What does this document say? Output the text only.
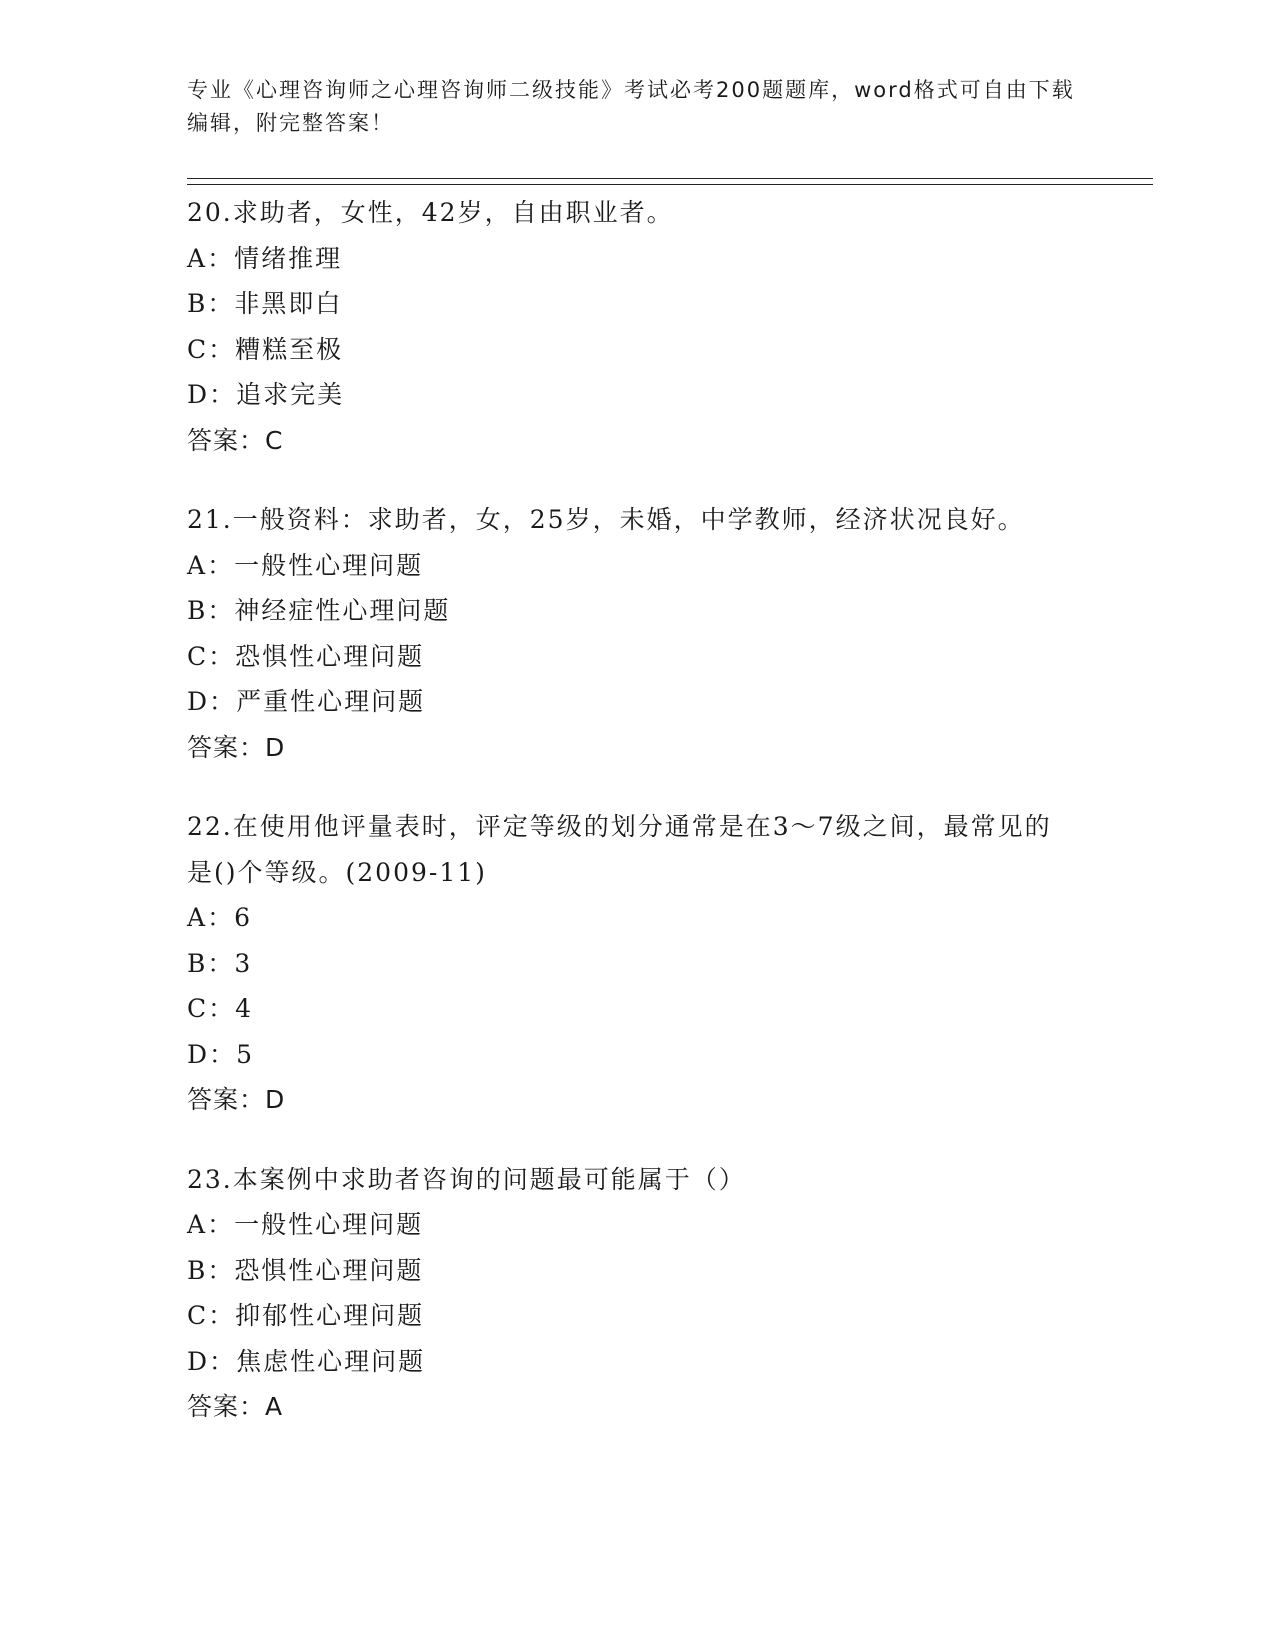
专业《心理咨询师之心理咨询师二级技能》考试必考200题题库，word格式可自由下载编辑，附完整答案！
20.求助者，女性，42岁，自由职业者。
A：情绪推理
B：非黑即白
C：糟糕至极
D：追求完美
答案：C
21.一般资料：求助者，女，25岁，未婚，中学教师，经济状况良好。
A：一般性心理问题
B：神经症性心理问题
C：恐惧性心理问题
D：严重性心理问题
答案：D
22.在使用他评量表时，评定等级的划分通常是在3～7级之间，最常见的是()个等级。(2009-11)
A：6
B：3
C：4
D：5
答案：D
23.本案例中求助者咨询的问题最可能属于（）
A：一般性心理问题
B：恐惧性心理问题
C：抑郁性心理问题
D：焦虑性心理问题
答案：A
